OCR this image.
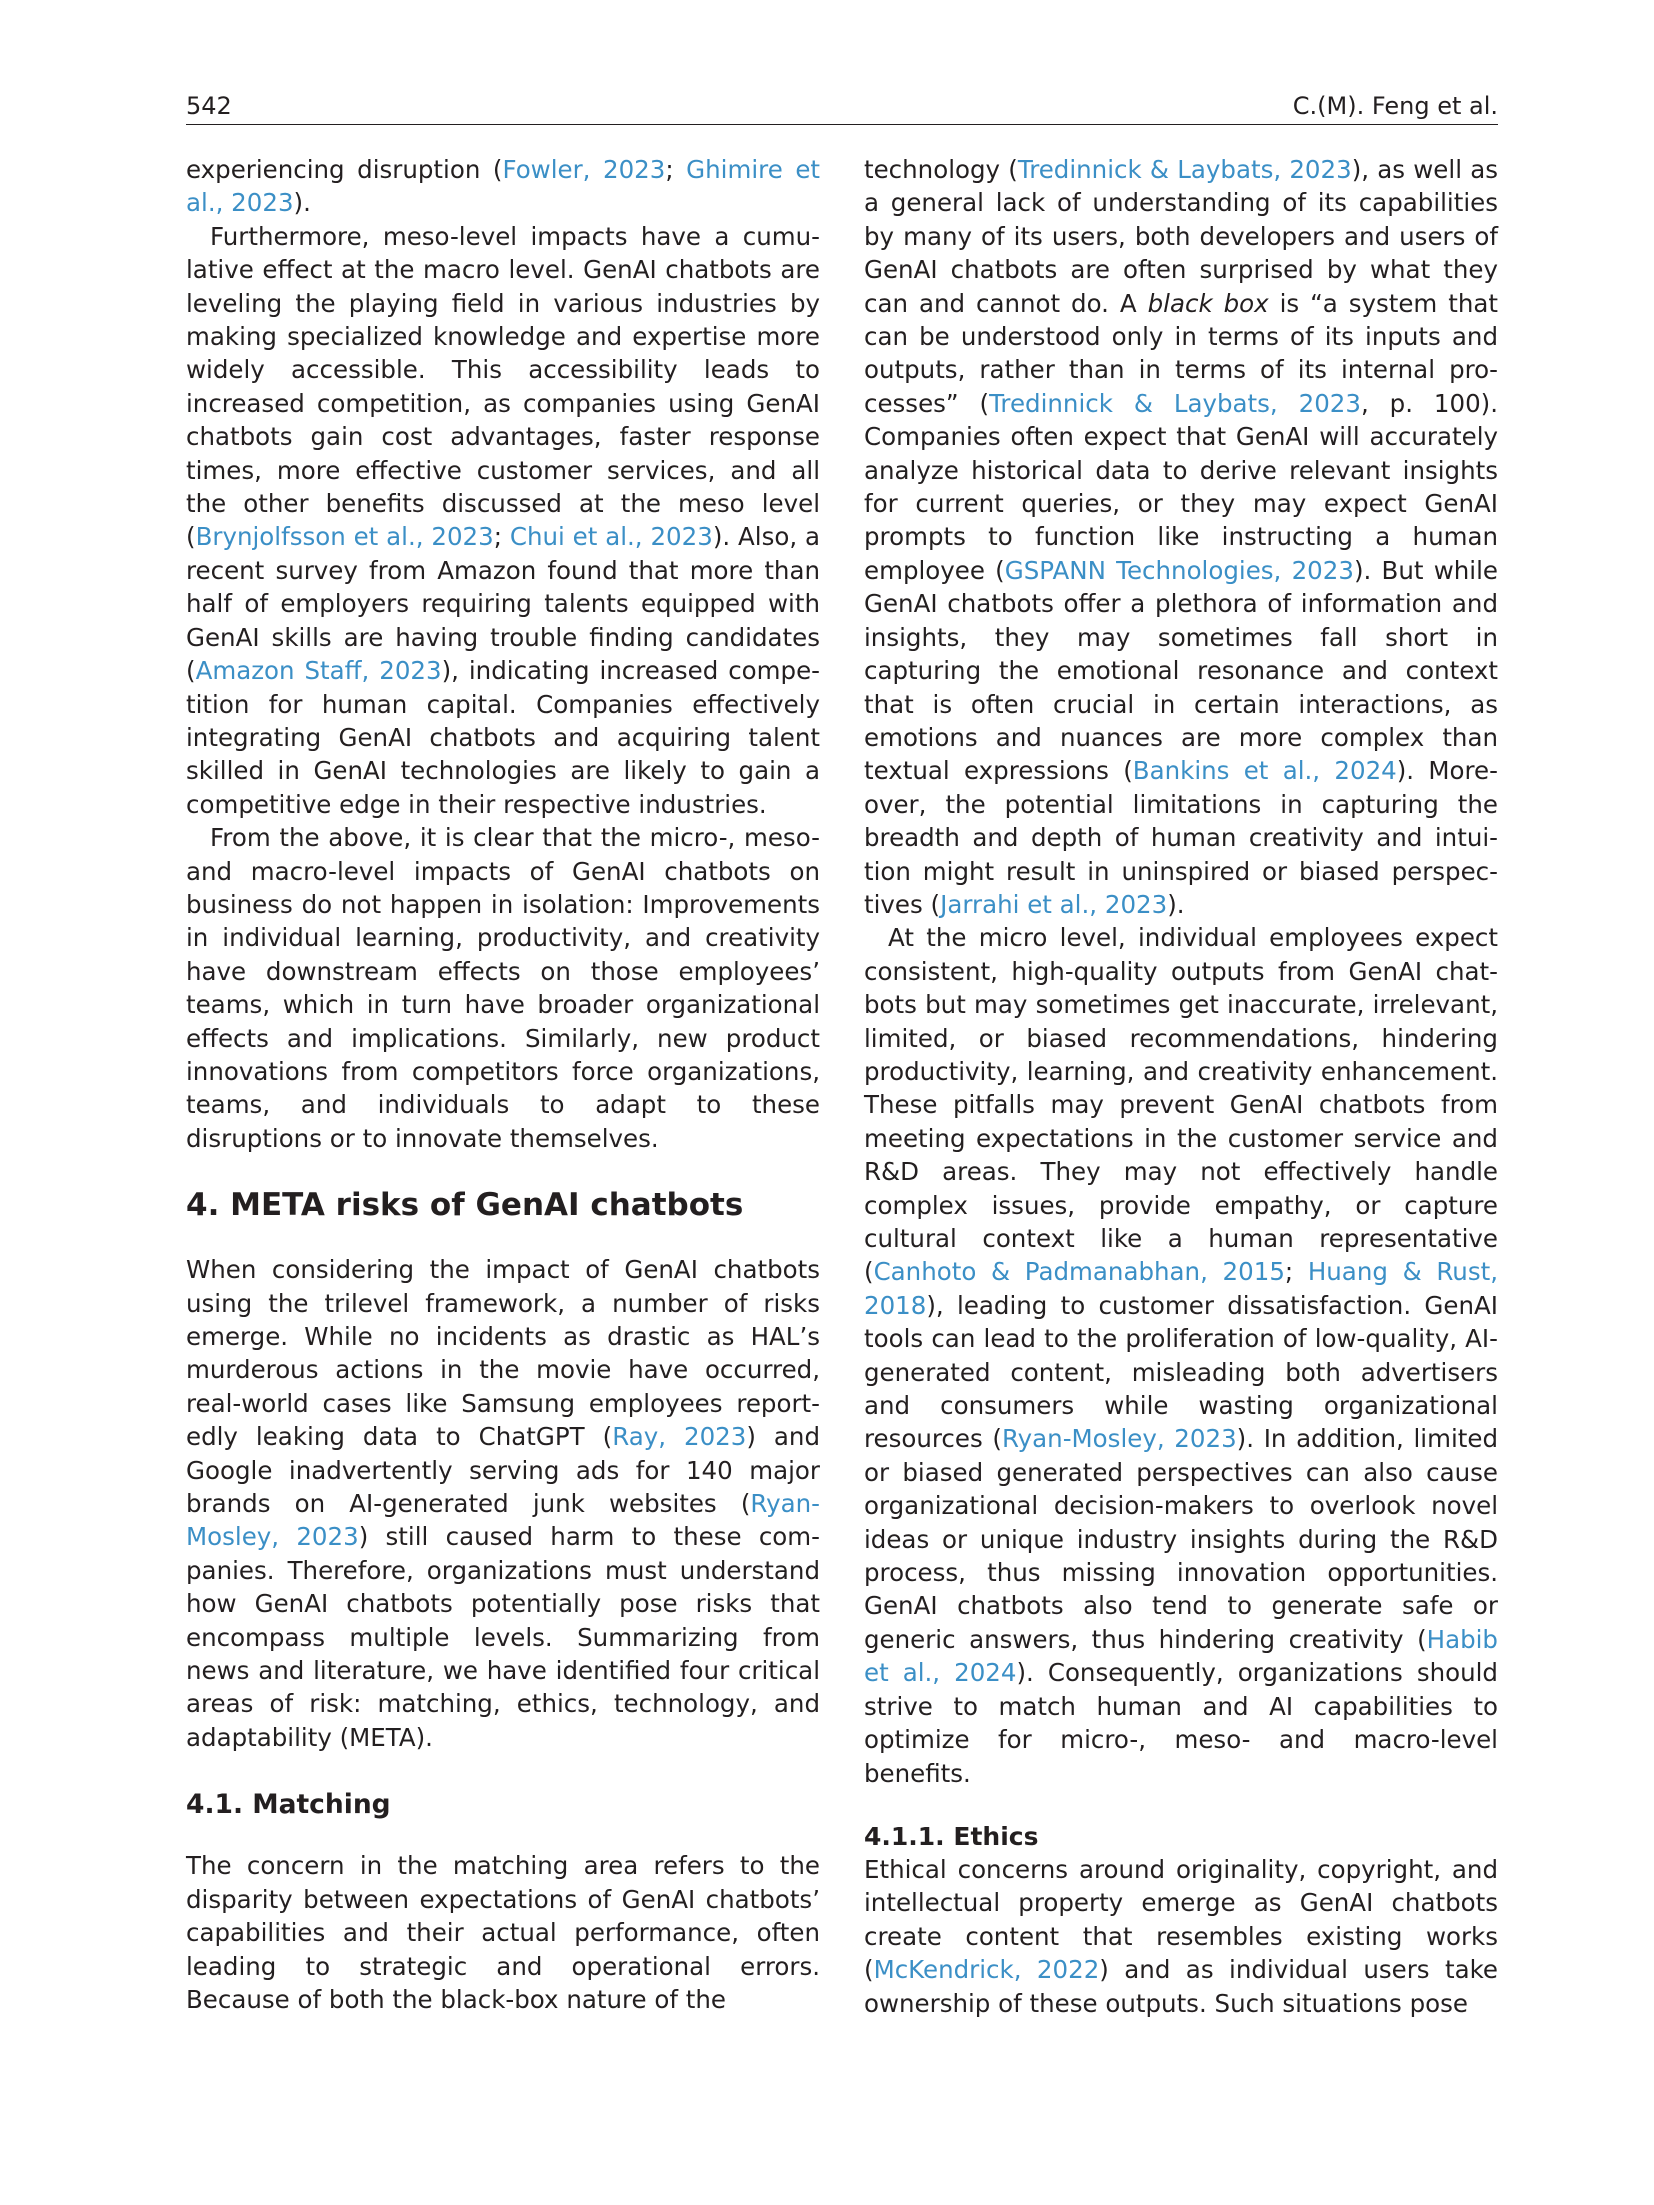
542	C.(M). Feng et al.

experiencing disruption (Fowler, 2023; Ghimire et al., 2023).

Furthermore, meso-level impacts have a cumulative effect at the macro level. GenAI chatbots are leveling the playing field in various industries by making specialized knowledge and expertise more widely accessible. This accessibility leads to increased competition, as companies using GenAI chatbots gain cost advantages, faster response times, more effective customer services, and all the other benefits discussed at the meso level (Brynjolfsson et al., 2023; Chui et al., 2023). Also, a recent survey from Amazon found that more than half of employers requiring talents equipped with GenAI skills are having trouble finding candidates (Amazon Staff, 2023), indicating increased competition for human capital. Companies effectively integrating GenAI chatbots and acquiring talent skilled in GenAI technologies are likely to gain a competitive edge in their respective industries.

From the above, it is clear that the micro-, meso- and macro-level impacts of GenAI chatbots on business do not happen in isolation: Improvements in individual learning, productivity, and creativity have downstream effects on those employees’ teams, which in turn have broader organizational effects and implications. Similarly, new product innovations from competitors force organizations, teams, and individuals to adapt to these disruptions or to innovate themselves.

4. META risks of GenAI chatbots

When considering the impact of GenAI chatbots using the trilevel framework, a number of risks emerge. While no incidents as drastic as HAL’s murderous actions in the movie have occurred, real-world cases like Samsung employees reportedly leaking data to ChatGPT (Ray, 2023) and Google inadvertently serving ads for 140 major brands on AI-generated junk websites (Ryan-Mosley, 2023) still caused harm to these companies. Therefore, organizations must understand how GenAI chatbots potentially pose risks that encompass multiple levels. Summarizing from news and literature, we have identified four critical areas of risk: matching, ethics, technology, and adaptability (META).

4.1. Matching

The concern in the matching area refers to the disparity between expectations of GenAI chatbots’ capabilities and their actual performance, often leading to strategic and operational errors. Because of both the black-box nature of the

technology (Tredinnick & Laybats, 2023), as well as a general lack of understanding of its capabilities by many of its users, both developers and users of GenAI chatbots are often surprised by what they can and cannot do. A black box is “a system that can be understood only in terms of its inputs and outputs, rather than in terms of its internal processes” (Tredinnick & Laybats, 2023, p. 100). Companies often expect that GenAI will accurately analyze historical data to derive relevant insights for current queries, or they may expect GenAI prompts to function like instructing a human employee (GSPANN Technologies, 2023). But while GenAI chatbots offer a plethora of information and insights, they may sometimes fall short in capturing the emotional resonance and context that is often crucial in certain interactions, as emotions and nuances are more complex than textual expressions (Bankins et al., 2024). Moreover, the potential limitations in capturing the breadth and depth of human creativity and intuition might result in uninspired or biased perspectives (Jarrahi et al., 2023).

At the micro level, individual employees expect consistent, high-quality outputs from GenAI chatbots but may sometimes get inaccurate, irrelevant, limited, or biased recommendations, hindering productivity, learning, and creativity enhancement. These pitfalls may prevent GenAI chatbots from meeting expectations in the customer service and R&D areas. They may not effectively handle complex issues, provide empathy, or capture cultural context like a human representative (Canhoto & Padmanabhan, 2015; Huang & Rust, 2018), leading to customer dissatisfaction. GenAI tools can lead to the proliferation of low-quality, AI-generated content, misleading both advertisers and consumers while wasting organizational resources (Ryan-Mosley, 2023). In addition, limited or biased generated perspectives can also cause organizational decision-makers to overlook novel ideas or unique industry insights during the R&D process, thus missing innovation opportunities. GenAI chatbots also tend to generate safe or generic answers, thus hindering creativity (Habib et al., 2024). Consequently, organizations should strive to match human and AI capabilities to optimize for micro-, meso- and macro-level benefits.

4.1.1. Ethics

Ethical concerns around originality, copyright, and intellectual property emerge as GenAI chatbots create content that resembles existing works (McKendrick, 2022) and as individual users take ownership of these outputs. Such situations pose
